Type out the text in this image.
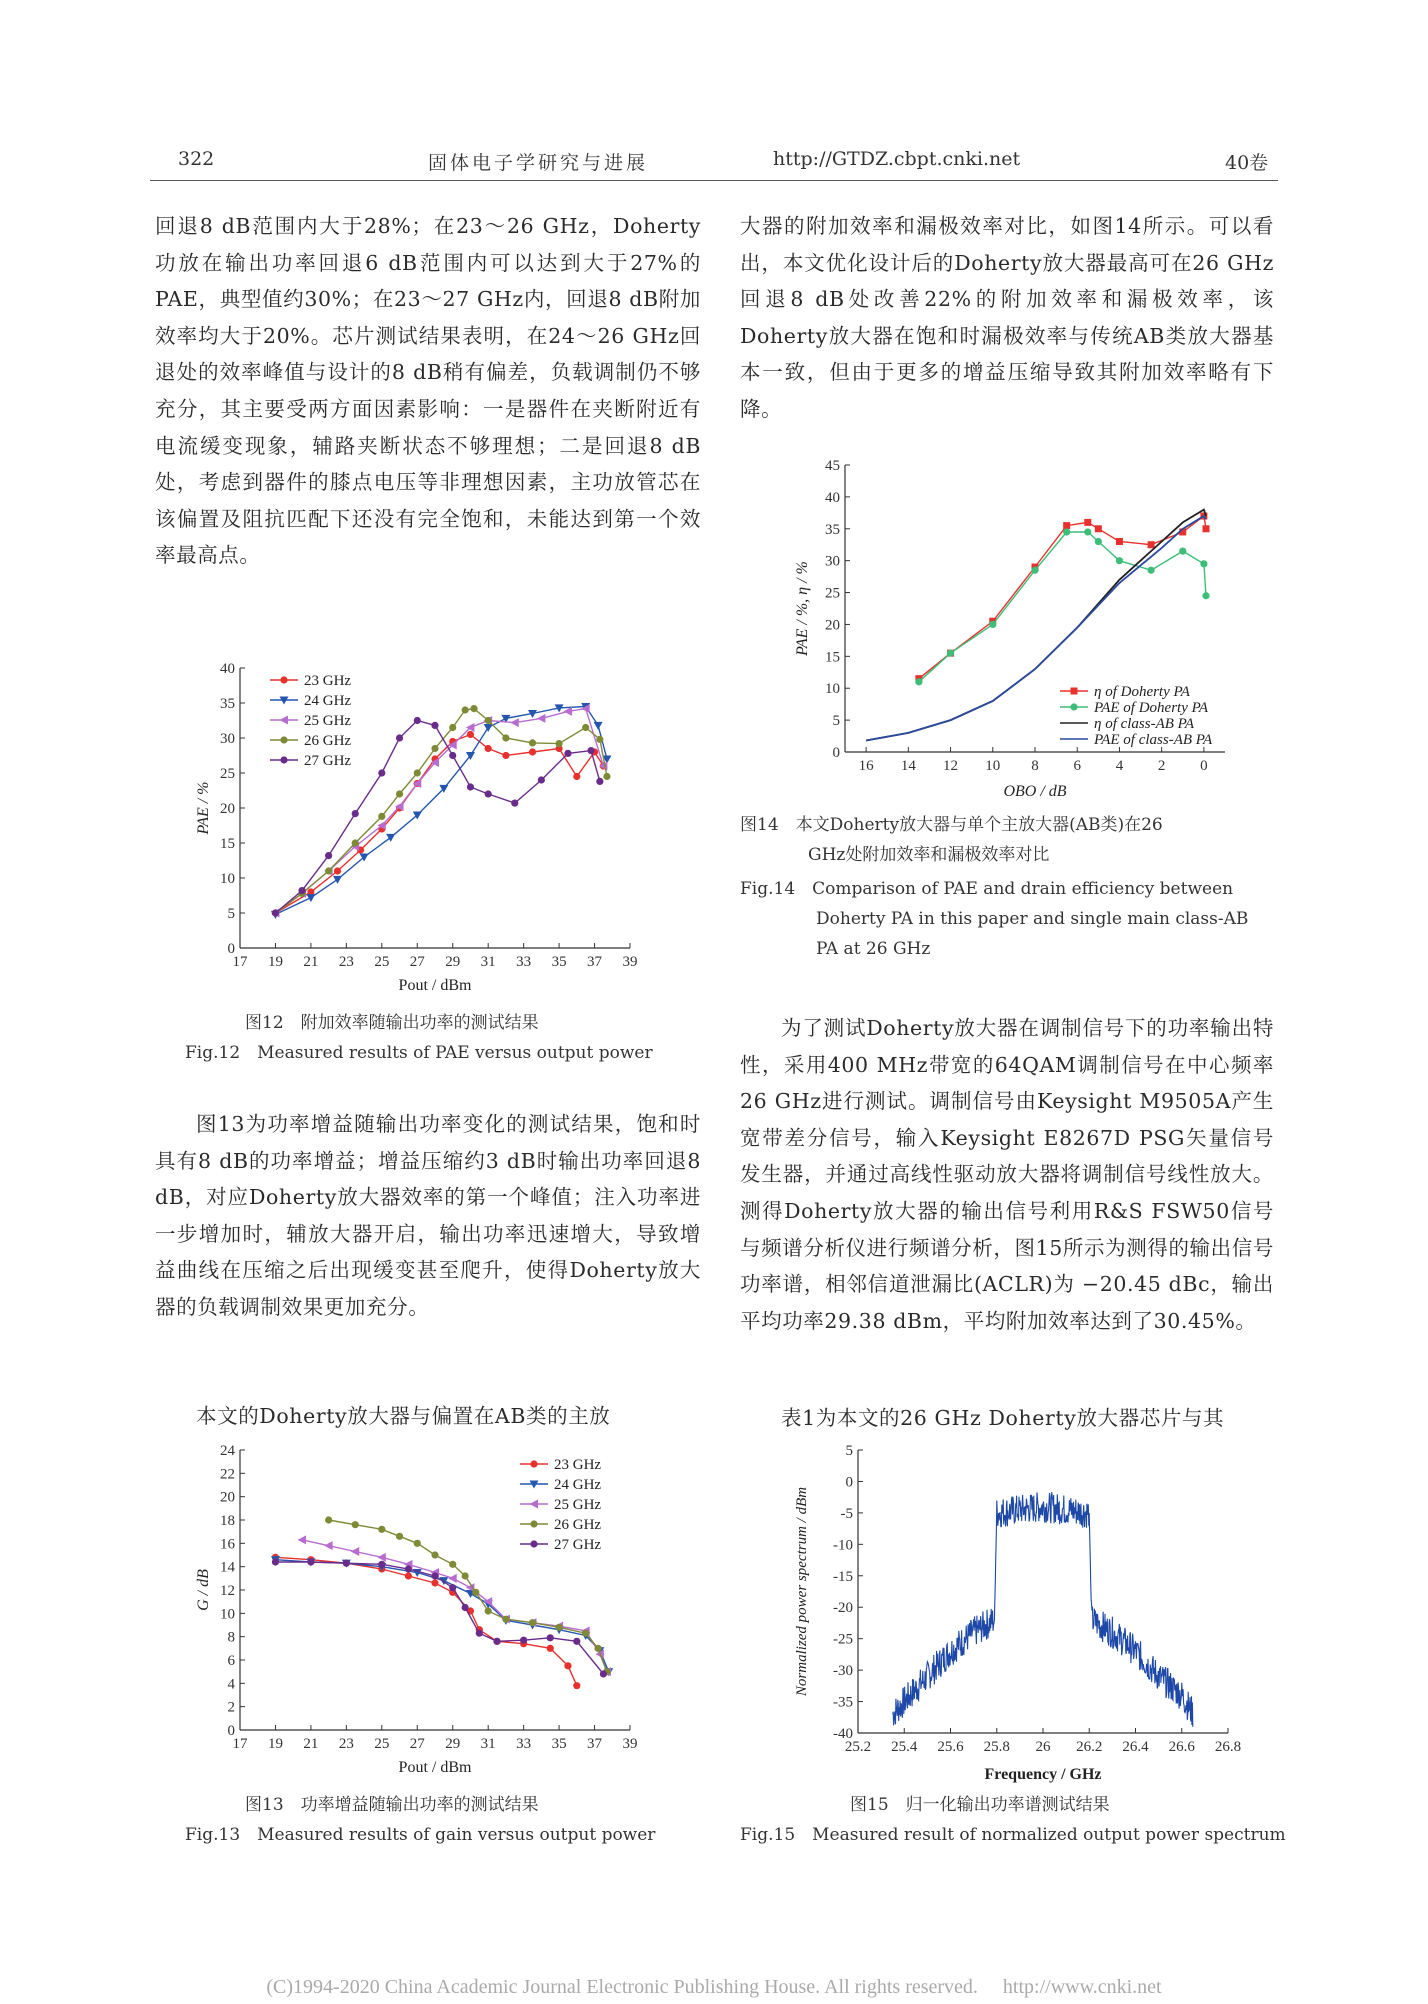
322	固体电子学研究与进展	http://GTDZ.cbpt.cnki.net	40卷

回退8 dB范围内大于28%；在23～26 GHz，Doherty功放在输出功率回退6 dB范围内可以达到大于27%的PAE，典型值约30%；在23～27 GHz内，回退8 dB附加效率均大于20%。芯片测试结果表明，在24～26 GHz回退处的效率峰值与设计的8 dB稍有偏差，负载调制仍不够充分，其主要受两方面因素影响：一是器件在夹断附近有电流缓变现象，辅路夹断状态不够理想；二是回退8 dB处，考虑到器件的膝点电压等非理想因素，主功放管芯在该偏置及阻抗匹配下还没有完全饱和，未能达到第一个效率最高点。

图13为功率增益随输出功率变化的测试结果，饱和时具有8 dB的功率增益；增益压缩约3 dB时输出功率回退8 dB，对应Doherty放大器效率的第一个峰值；注入功率进一步增加时，辅放大器开启，输出功率迅速增大，导致增益曲线在压缩之后出现缓变甚至爬升，使得Doherty放大器的负载调制效果更加充分。

本文的Doherty放大器与偏置在AB类的主放

大器的附加效率和漏极效率对比，如图14所示。可以看出，本文优化设计后的Doherty放大器最高可在26 GHz回退8 dB处改善22%的附加效率和漏极效率，该Doherty放大器在饱和时漏极效率与传统AB类放大器基本一致，但由于更多的增益压缩导致其附加效率略有下降。

为了测试Doherty放大器在调制信号下的功率输出特性，采用400 MHz带宽的64QAM调制信号在中心频率26 GHz进行测试。调制信号由Keysight M9505A产生宽带差分信号，输入Keysight E8267D PSG矢量信号发生器，并通过高线性驱动放大器将调制信号线性放大。测得Doherty放大器的输出信号利用R&S FSW50信号与频谱分析仪进行频谱分析，图15所示为测得的输出信号功率谱，相邻信道泄漏比(ACLR)为 −20.45 dBc，输出平均功率29.38 dBm，平均附加效率达到了30.45%。

表1为本文的26 GHz Doherty放大器芯片与其

17 19 21 23 25 27 29 31 33 35 37 39
0
5
10
15
20
25
30
35
40
Pout / dBm
PAE / %
23 GHz
24 GHz
25 GHz
26 GHz
27 GHz
17 19 21 23 25 27 29 31 33 35 37 39
0
2
4
6
8
10
12
14
16
18
20
22
24
Pout / dBm
G / dB
23 GHz
24 GHz
25 GHz
26 GHz
27 GHz
16 14 12 10 8 6 4 2 0
0
5
10
15
20
25
30
35
40
45
OBO / dB
PAE / %, η / %
η of Doherty PA
PAE of Doherty PA
η of class-AB PA
PAE of class-AB PA
25.2 25.4 25.6 25.8 26 26.2 26.4 26.6 26.8
5
0
-5
-10
-15
-20
-25
-30
-35
-40
Frequency / GHz
Normalized power spectrum / dBm
图12　附加效率随输出功率的测试结果
Fig.12　Measured results of PAE versus output power
图13　功率增益随输出功率的测试结果
Fig.13　Measured results of gain versus output power
图14　本文Doherty放大器与单个主放大器(AB类)在26
GHz处附加效率和漏极效率对比
Fig.14　Comparison of PAE and drain efficiency between
Doherty PA in this paper and single main class-AB
PA at 26 GHz
图15　归一化输出功率谱测试结果
Fig.15　Measured result of normalized output power spectrum
(C)1994-2020 China Academic Journal Electronic Publishing House. All rights reserved.　 http://www.cnki.net
